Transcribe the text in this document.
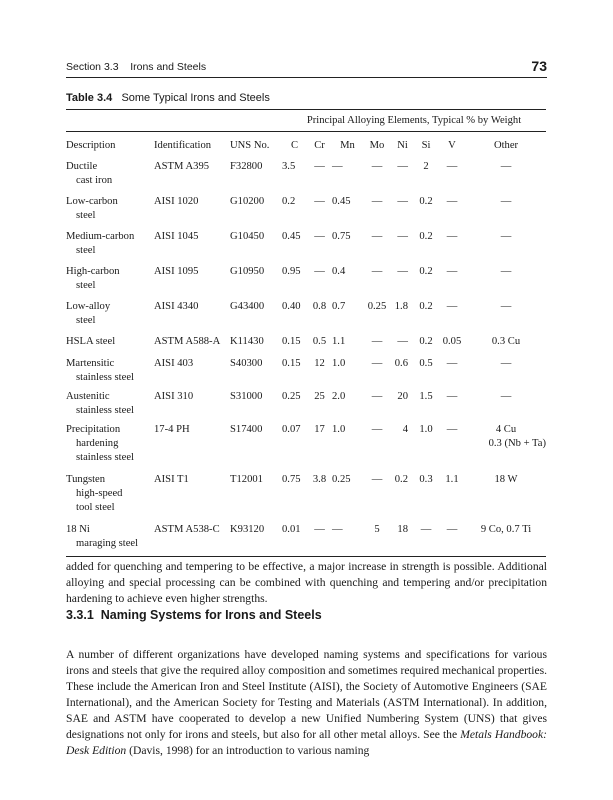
Section 3.3    Irons and Steels	73
Table 3.4 Some Typical Irons and Steels
			Principal Alloying Elements, Typical % by Weight							
Description	Identification	UNS No.	C	Cr	Mn	Mo	Ni	Si	V	Other

Ductile
cast iron	ASTM A395	F32800	3.5	—	—	—	—	2	—	—

Low-carbon
steel	AISI 1020	G10200	0.2	—	0.45	—	—	0.2	—	—

Medium-carbon
steel	AISI 1045	G10450	0.45	—	0.75	—	—	0.2	—	—

High-carbon
steel	AISI 1095	G10950	0.95	—	0.4	—	—	0.2	—	—

Low-alloy
steel	AISI 4340	G43400	0.40	0.8	0.7	0.25	1.8	0.2	—	—

HSLA steel	ASTM A588-A	K11430	0.15	0.5	1.1	—	—	0.2	0.05	0.3 Cu

Martensitic
stainless steel	AISI 403	S40300	0.15	12	1.0	—	0.6	0.5	—	—

Austenitic
stainless steel	AISI 310	S31000	0.25	25	2.0	—	20	1.5	—	—

Precipitation
hardening
stainless steel	17-4 PH	S17400	0.07	17	1.0	—	4	1.0	—	4 Cu
0.3 (Nb + Ta)

Tungsten
high-speed
tool steel	AISI T1	T12001	0.75	3.8	0.25	—	0.2	0.3	1.1	18 W

18 Ni
maraging steel	ASTM A538-C	K93120	0.01	—	—	5	18	—	—	9 Co, 0.7 Ti

added for quenching and tempering to be effective, a major increase in strength is possible. Additional alloying and special processing can be combined with quenching and tempering and/or precipitation hardening to achieve even higher strengths.

3.3.1  Naming Systems for Irons and Steels

A number of different organizations have developed naming systems and specifications for various irons and steels that give the required alloy composition and sometimes required mechanical properties. These include the American Iron and Steel Institute (AISI), the Society of Automotive Engineers (SAE International), and the American Society for Testing and Materials (ASTM International). In addition, SAE and ASTM have cooperated to develop a new Unified Numbering System (UNS) that gives designations not only for irons and steels, but also for all other metal alloys. See the Metals Handbook: Desk Edition (Davis, 1998) for an introduction to various naming
